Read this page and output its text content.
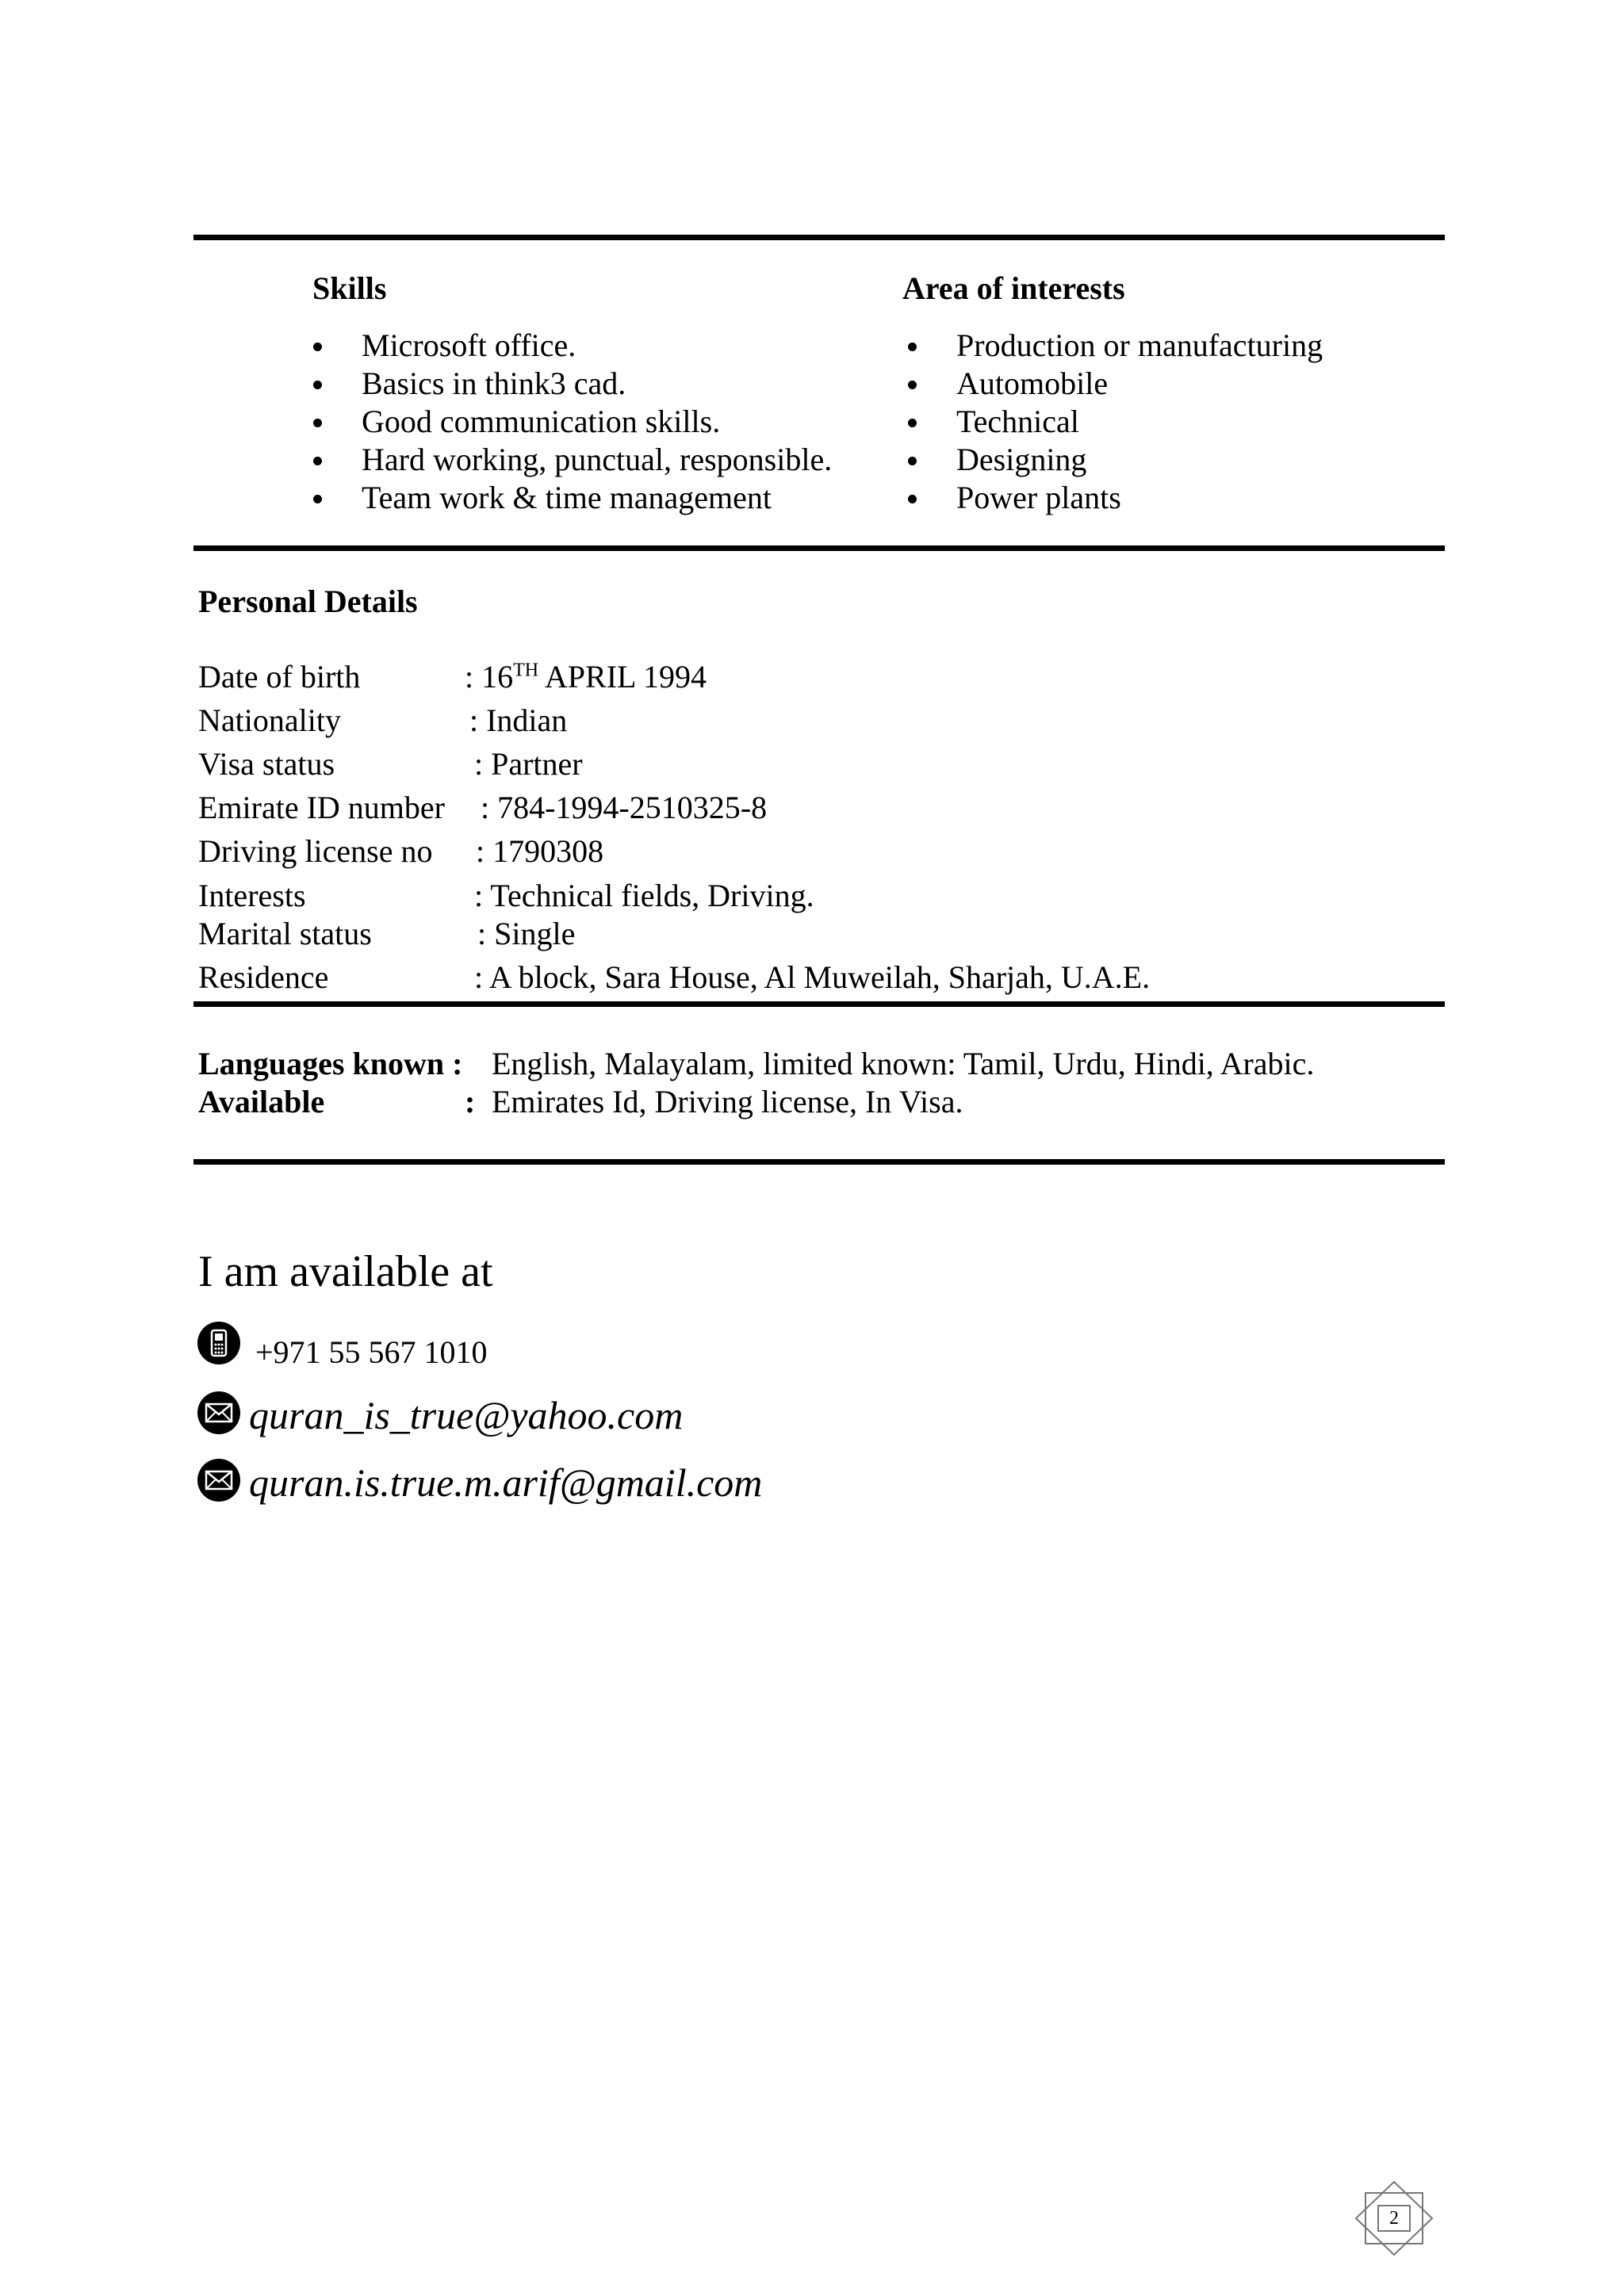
Skills
Microsoft office.
Basics in think3 cad.
Good communication skills.
Hard working, punctual, responsible.
Team work & time management
Area of interests
Production or manufacturing
Automobile
Technical
Designing
Power plants
Personal Details
Date of birth	: 16TH APRIL 1994
Nationality	: Indian
Visa status	: Partner
Emirate ID number : 784-1994-2510325-8
Driving license no : 1790308
Interests	: Technical fields, Driving.
Marital status	: Single
Residence	: A block, Sara House, Al Muweilah, Sharjah, U.A.E.
Languages known : English, Malayalam, limited known: Tamil, Urdu, Hindi, Arabic.
Available	: Emirates Id, Driving license, In Visa.
I am available at
+971 55 567 1010
quran_is_true@yahoo.com
quran.is.true.m.arif@gmail.com
2
